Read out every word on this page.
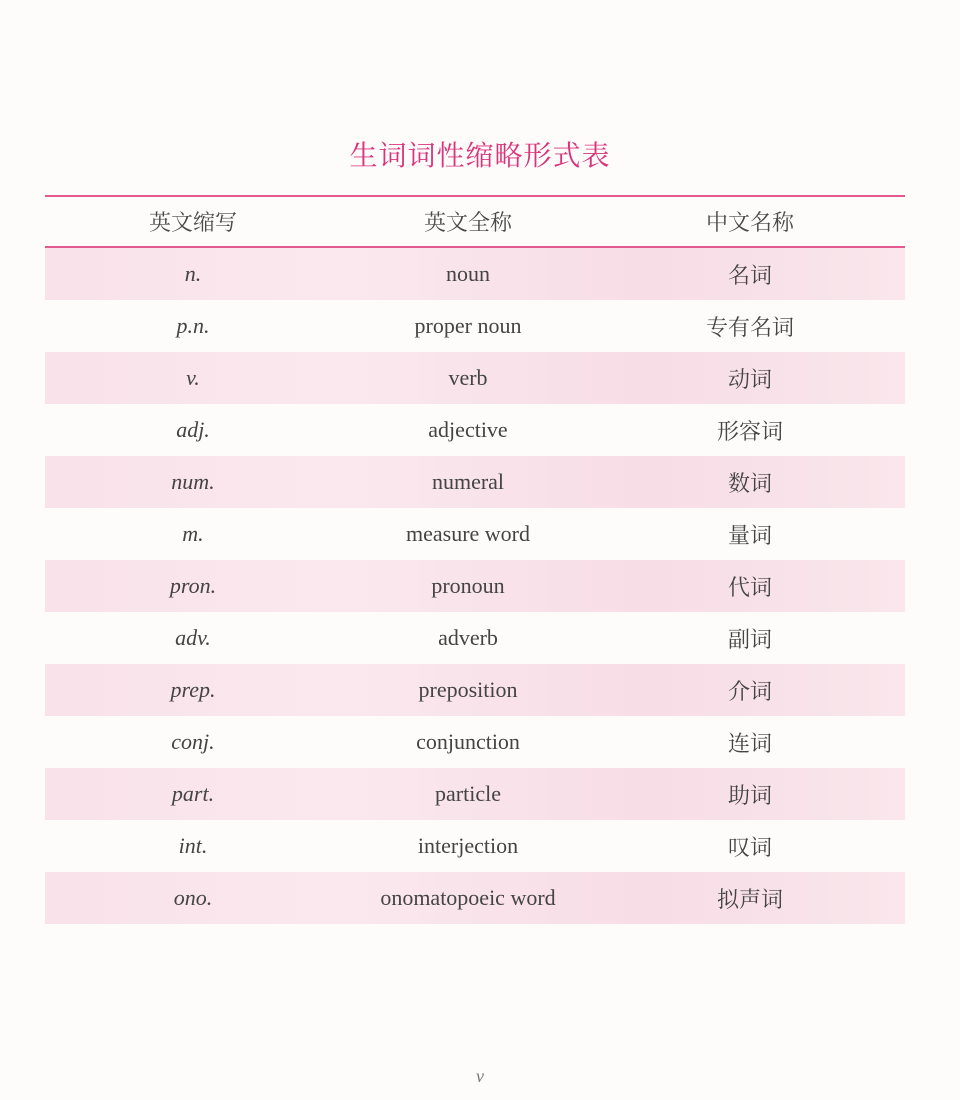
生词词性缩略形式表
英文缩写	英文全称	中文名称
n.	noun	名词
p.n.	proper noun	专有名词
v.	verb	动词
adj.	adjective	形容词
num.	numeral	数词
m.	measure word	量词
pron.	pronoun	代词
adv.	adverb	副词
prep.	preposition	介词
conj.	conjunction	连词
part.	particle	助词
int.	interjection	叹词
ono.	onomatopoeic word	拟声词
v
